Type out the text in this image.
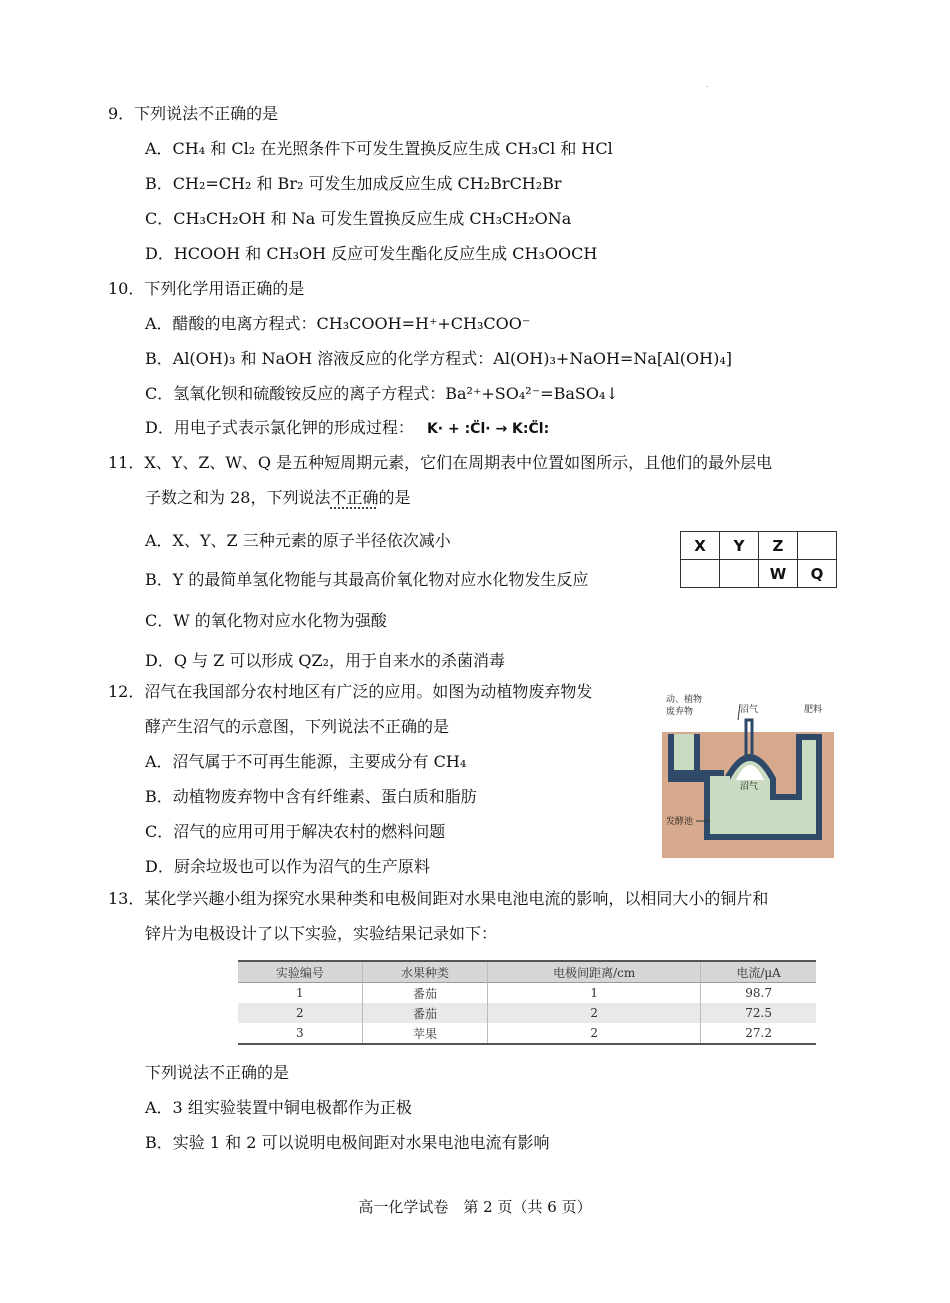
.
9．下列说法不正确的是
A．CH₄ 和 Cl₂ 在光照条件下可发生置换反应生成 CH₃Cl 和 HCl
B．CH₂=CH₂ 和 Br₂ 可发生加成反应生成 CH₂BrCH₂Br
C．CH₃CH₂OH 和 Na 可发生置换反应生成 CH₃CH₂ONa
D．HCOOH 和 CH₃OH 反应可发生酯化反应生成 CH₃OOCH
10．下列化学用语正确的是
A．醋酸的电离方程式：CH₃COOH=H⁺+CH₃COO⁻
B．Al(OH)₃ 和 NaOH 溶液反应的化学方程式：Al(OH)₃+NaOH=Na[Al(OH)₄]
C．氢氧化钡和硫酸铵反应的离子方程式：Ba²⁺+SO₄²⁻=BaSO₄↓
D．用电子式表示氯化钾的形成过程： K· + :C̈l· → K:C̈l:
11．X、Y、Z、W、Q 是五种短周期元素，它们在周期表中位置如图所示，且他们的最外层电
子数之和为 28，下列说法不正确的是
A．X、Y、Z 三种元素的原子半径依次减小
B．Y 的最简单氢化物能与其最高价氧化物对应水化物发生反应
C．W 的氧化物对应水化物为强酸
D．Q 与 Z 可以形成 QZ₂，用于自来水的杀菌消毒
X	Y	Z	
		W	Q
12．沼气在我国部分农村地区有广泛的应用。如图为动植物废弃物发
酵产生沼气的示意图，下列说法不正确的是
A．沼气属于不可再生能源，主要成分有 CH₄
B．动植物废弃物中含有纤维素、蛋白质和脂肪
C．沼气的应用可用于解决农村的燃料问题
D．厨余垃圾也可以作为沼气的生产原料
动、植物
废弃物	沼气	肥料
沼气
发酵池
13．某化学兴趣小组为探究水果种类和电极间距对水果电池电流的影响，以相同大小的铜片和
锌片为电极设计了以下实验，实验结果记录如下：
实验编号	水果种类	电极间距离/cm	电流/μA
1	番茄	1	98.7
2	番茄	2	72.5
3	苹果	2	27.2
下列说法不正确的是
A．3 组实验装置中铜电极都作为正极
B．实验 1 和 2 可以说明电极间距对水果电池电流有影响
高一化学试卷　第 2 页（共 6 页）
